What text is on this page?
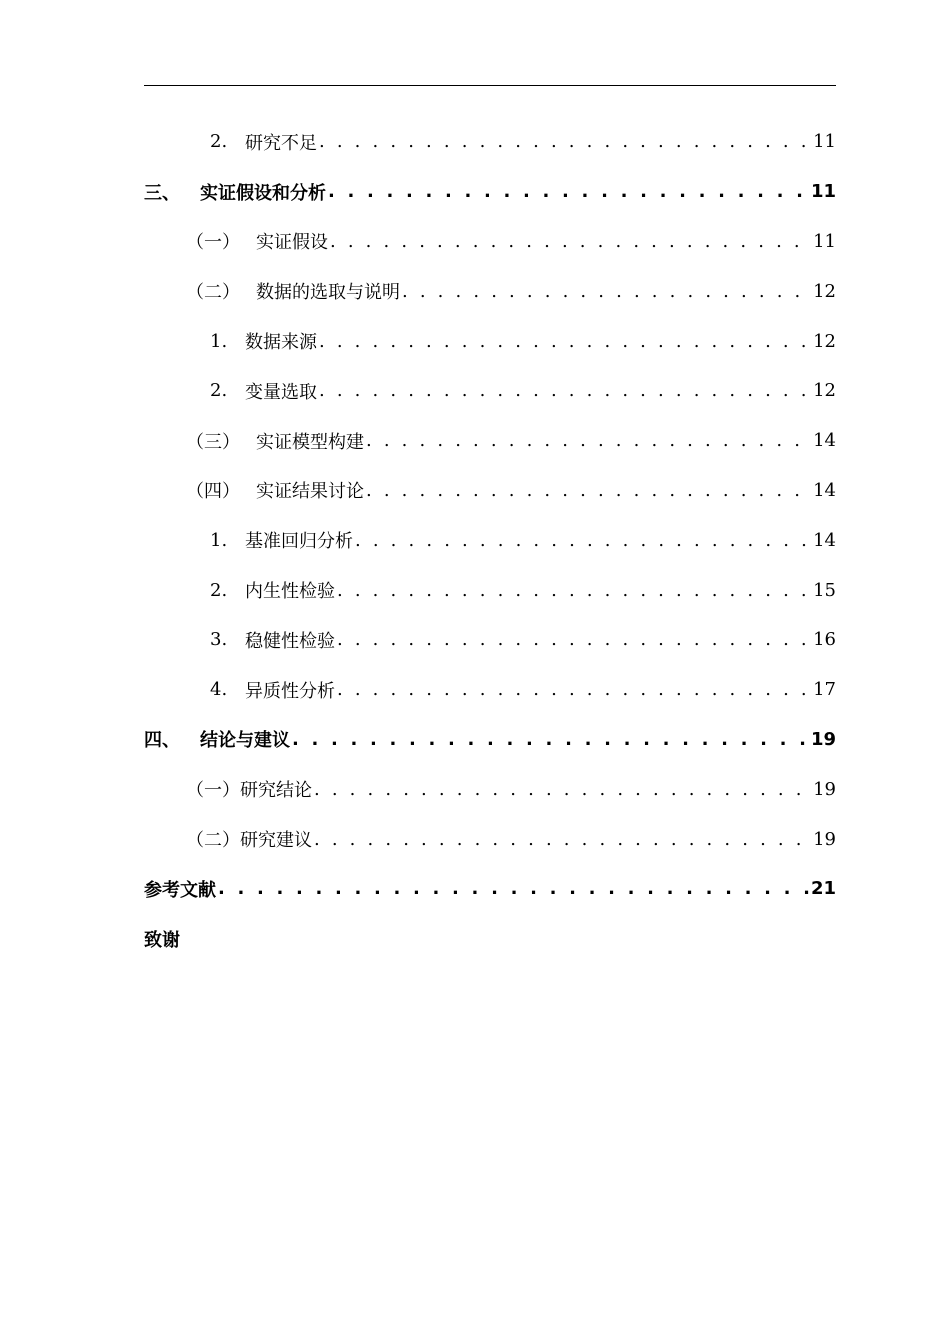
2. 研究不足 . . .	11
三、	实证假设和分析 . . .	11
（一） 实证假设 . . .	11
（二） 数据的选取与说明 . . .	12
1. 数据来源 . . .	12
2. 变量选取 . . .	12
（三） 实证模型构建 . . .	14
（四） 实证结果讨论 . . .	14
1. 基准回归分析 . . .	14
2. 内生性检验 . . .	15
3. 稳健性检验 . . .	16
4. 异质性分析 . . .	17
四、	结论与建议 . . .	19
（一） 研究结论 . . .	19
（二） 研究建议 . . .	19
参考文献 . . .	21
致谢
